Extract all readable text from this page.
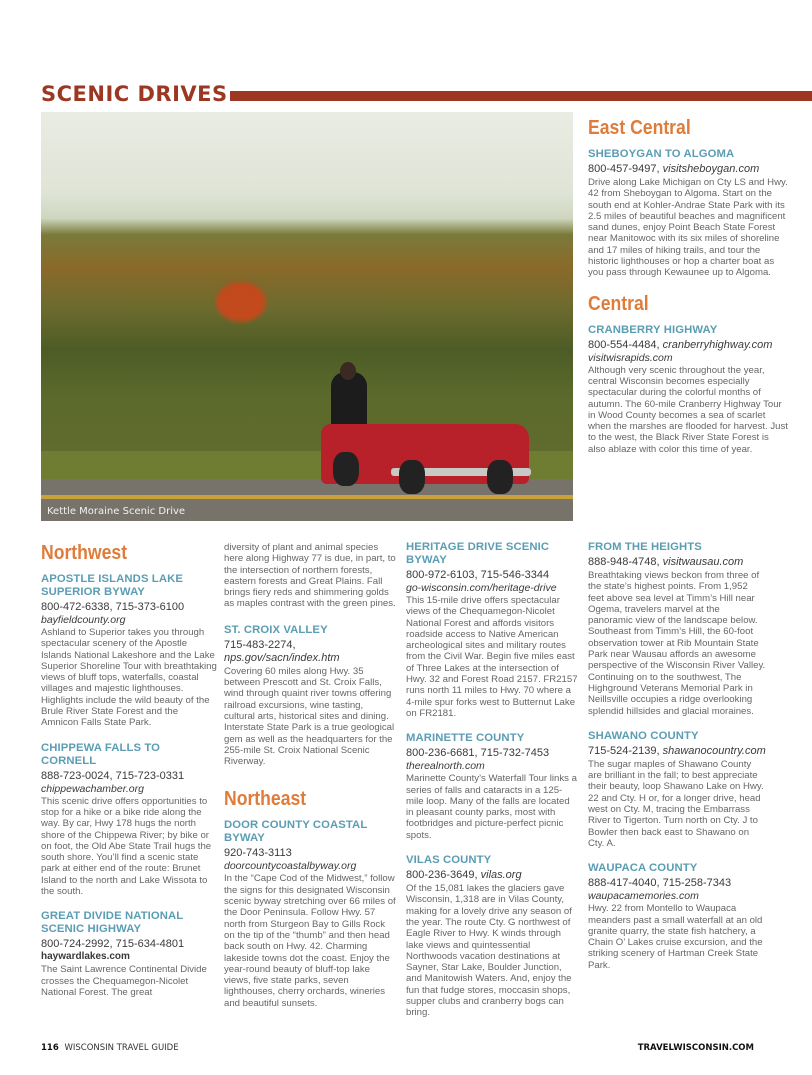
SCENIC DRIVES
Kettle Moraine Scenic Drive
East Central
SHEBOYGAN TO ALGOMA
800-457-9497, visitsheboygan.com
Drive along Lake Michigan on Cty LS and Hwy. 42 from Sheboygan to Algoma. Start on the south end at Kohler-Andrae State Park with its 2.5 miles of beautiful beaches and magnificent sand dunes, enjoy Point Beach State Forest near Manitowoc with its six miles of shoreline and 17 miles of hiking trails, and tour the historic lighthouses or hop a charter boat as you pass through Kewaunee up to Algoma.
Central
CRANBERRY HIGHWAY
800-554-4484, cranberryhighway.com
visitwisrapids.com
Although very scenic throughout the year, central Wisconsin becomes especially spectacular during the colorful months of autumn. The 60-mile Cranberry Highway Tour in Wood County becomes a sea of scarlet when the marshes are flooded for harvest. Just to the west, the Black River State Forest is also ablaze with color this time of year.
Northwest
APOSTLE ISLANDS LAKE SUPERIOR BYWAY
800-472-6338, 715-373-6100
bayfieldcounty.org
Ashland to Superior takes you through spectacular scenery of the Apostle Islands National Lakeshore and the Lake Superior Shoreline Tour with breathtaking views of bluff tops, waterfalls, coastal villages and majestic lighthouses. Highlights include the wild beauty of the Brule River State Forest and the Amnicon Falls State Park.
CHIPPEWA FALLS TO CORNELL
888-723-0024, 715-723-0331
chippewachamber.org
This scenic drive offers opportunities to stop for a hike or a bike ride along the way. By car, Hwy 178 hugs the north shore of the Chippewa River; by bike or on foot, the Old Abe State Trail hugs the south shore. You’ll find a scenic state park at either end of the route: Brunet Island to the north and Lake Wissota to the south.
GREAT DIVIDE NATIONAL SCENIC HIGHWAY
800-724-2992, 715-634-4801
haywardlakes.com
The Saint Lawrence Continental Divide crosses the Chequamegon-Nicolet National Forest. The great
diversity of plant and animal species here along Highway 77 is due, in part, to the intersection of northern forests, eastern forests and Great Plains. Fall brings fiery reds and shimmering golds as maples contrast with the green pines.
ST. CROIX VALLEY
715-483-2274, nps.gov/sacn/index.htm
Covering 60 miles along Hwy. 35 between Prescott and St. Croix Falls, wind through quaint river towns offering railroad excursions, wine tasting, cultural arts, historical sites and dining. Interstate State Park is a true geological gem as well as the headquarters for the 255-mile St. Croix National Scenic Riverway.
Northeast
DOOR COUNTY COASTAL BYWAY
920-743-3113
doorcountycoastalbyway.org
In the “Cape Cod of the Midwest,” follow the signs for this designated Wisconsin scenic byway stretching over 66 miles of the Door Peninsula. Follow Hwy. 57 north from Sturgeon Bay to Gills Rock on the tip of the “thumb” and then head back south on Hwy. 42. Charming lakeside towns dot the coast. Enjoy the year-round beauty of bluff-top lake views, five state parks, seven lighthouses, cherry orchards, wineries and beautiful sunsets.
HERITAGE DRIVE SCENIC BYWAY
800-972-6103, 715-546-3344
go-wisconsin.com/heritage-drive
This 15-mile drive offers spectacular views of the Chequamegon-Nicolet National Forest and affords visitors roadside access to Native American archeological sites and military routes from the Civil War. Begin five miles east of Three Lakes at the intersection of Hwy. 32 and Forest Road 2157. FR2157 runs north 11 miles to Hwy. 70 where a 4-mile spur forks west to Butternut Lake on FR2181.
MARINETTE COUNTY
800-236-6681, 715-732-7453
therealnorth.com
Marinette County’s Waterfall Tour links a series of falls and cataracts in a 125-mile loop. Many of the falls are located in pleasant county parks, most with footbridges and picture-perfect picnic spots.
VILAS COUNTY
800-236-3649, vilas.org
Of the 15,081 lakes the glaciers gave Wisconsin, 1,318 are in Vilas County, making for a lovely drive any season of the year. The route Cty. G northwest of Eagle River to Hwy. K winds through lake views and quintessential Northwoods vacation destinations at Sayner, Star Lake, Boulder Junction, and Manitowish Waters. And, enjoy the fun that fudge stores, moccasin shops, supper clubs and cranberry bogs can bring.
FROM THE HEIGHTS
888-948-4748, visitwausau.com
Breathtaking views beckon from three of the state’s highest points. From 1,952 feet above sea level at Timm’s Hill near Ogema, travelers marvel at the panoramic view of the landscape below. Southeast from Timm’s Hill, the 60-foot observation tower at Rib Mountain State Park near Wausau affords an awesome perspective of the Wisconsin River Valley. Continuing on to the southwest, The Highground Veterans Memorial Park in Neillsville occupies a ridge overlooking splendid hillsides and glacial moraines.
SHAWANO COUNTY
715-524-2139, shawanocountry.com
The sugar maples of Shawano County are brilliant in the fall; to best appreciate their beauty, loop Shawano Lake on Hwy. 22 and Cty. H or, for a longer drive, head west on Cty. M, tracing the Embarrass River to Tigerton. Turn north on Cty. J to Bowler then back east to Shawano on Cty. A.
WAUPACA COUNTY
888-417-4040, 715-258-7343
waupacamemories.com
Hwy. 22 from Montello to Waupaca meanders past a small waterfall at an old granite quarry, the state fish hatchery, a Chain O’ Lakes cruise excursion, and the striking scenery of Hartman Creek State Park.
116 WISCONSIN TRAVEL GUIDE	TRAVELWISCONSIN.COM
